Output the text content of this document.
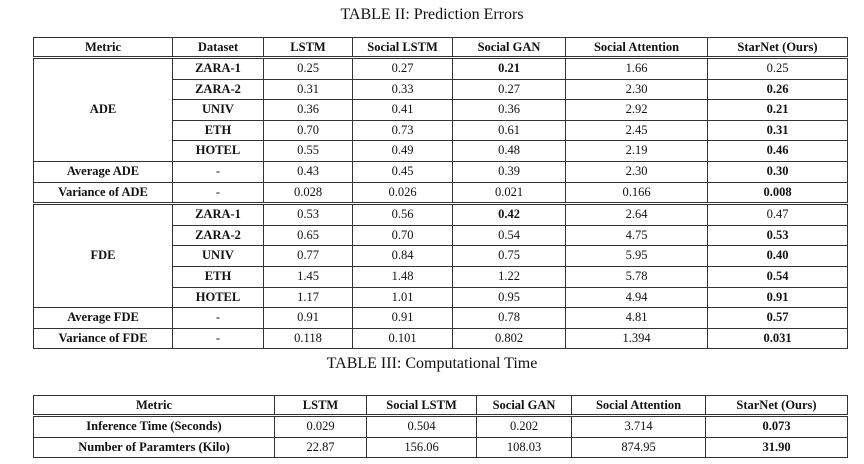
TABLE II: Prediction Errors
Metric	Dataset	LSTM	Social LSTM	Social GAN	Social Attention	StarNet (Ours)
ADE	ZARA-1	0.25	0.27	0.21	1.66	0.25
	ZARA-2	0.31	0.33	0.27	2.30	0.26
	UNIV	0.36	0.41	0.36	2.92	0.21
	ETH	0.70	0.73	0.61	2.45	0.31
	HOTEL	0.55	0.49	0.48	2.19	0.46
Average ADE	-	0.43	0.45	0.39	2.30	0.30
Variance of ADE	-	0.028	0.026	0.021	0.166	0.008
FDE	ZARA-1	0.53	0.56	0.42	2.64	0.47
	ZARA-2	0.65	0.70	0.54	4.75	0.53
	UNIV	0.77	0.84	0.75	5.95	0.40
	ETH	1.45	1.48	1.22	5.78	0.54
	HOTEL	1.17	1.01	0.95	4.94	0.91
Average FDE	-	0.91	0.91	0.78	4.81	0.57
Variance of FDE	-	0.118	0.101	0.802	1.394	0.031
TABLE III: Computational Time
Metric	LSTM	Social LSTM	Social GAN	Social Attention	StarNet (Ours)
Inference Time (Seconds)	0.029	0.504	0.202	3.714	0.073
Number of Paramters (Kilo)	22.87	156.06	108.03	874.95	31.90
